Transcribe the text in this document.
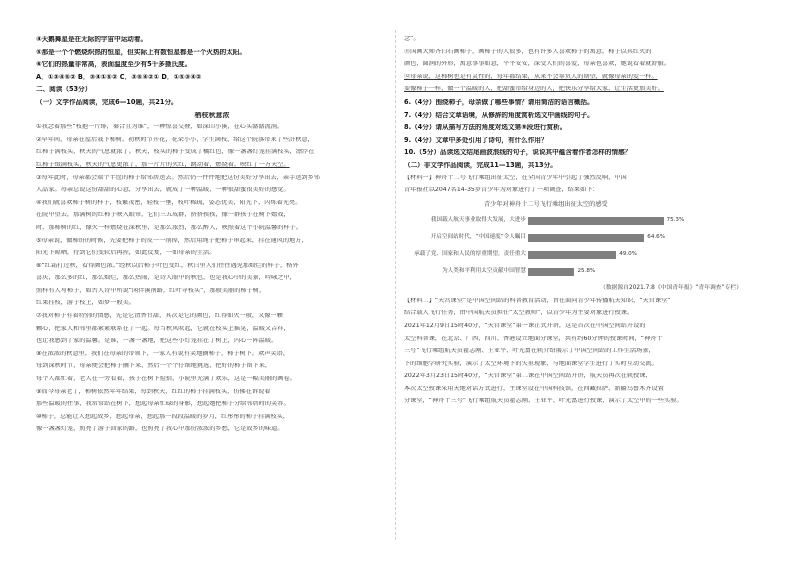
④天鹅舞星是在无际的宇宙中运动着。
⑤那是一个个燃烧炽热的恒星，但实际上有数恒星都是一个火热的太阳。
⑥它们的热量非常高，表面温度至少有5千多摄氏度。
A．①③④⑤② B．③④①⑤② C．③⑤④②① D．①⑤③④②
二、阅读（53分）
（一）文学作品阅读，完成6—10题，共21分。
栖枝秋意浓
①我念着那些“枝抱一片绯，秦合且为谁”，一种惊喜交叠，如深山小溪，在心头潺潺流淌。
②早年间，母亲在屋后栽下柿树。初秋时节开花，花朵小小，学生满枝，给这个院落带来了些許秋意，
红柿子满枝头，秋天的气息就浓了。秋天，枝头的柿子变成了橘红色，像一盏盏灯笼挂满枝头，漂浮在
红柿子缀满枝头，秋天的气息更浓了，那一片片的火红，跳动着，燃烧着，映红了一方天空。
③每年此时，母亲都会端个半筐的柿子给邻居送去。然后仍一件件地把这份美好分享出去，亲手送到乡邻
人品家。母亲总说这份甜甜的心意，分享出去，就成了一种温暖，一种很甜蜜很美好的感觉。
④我们就喜欢柿子树的样子，枝繁茂密，轻枝一垂，枝叶稀疏，姿态优美，阳光下，闪烁着光亮。
在院中望去，那满树的红柿子映入眼帘，它们三五成群，挤挤挨挨，像一群孩子在树下嬉戏，
时，那柿树的红，像火一样燃烧在深秋里，是那么浓烈，那么醉人，映照着这个小院温馨的样子。
⑤母亲说，做柿饼的时候，先要把柿子的皮一一削掉，然后用绳子把柿子串起来，挂在通风的地方，
阳光下晾晒，待到它们变软后再捏，如此反复，一如母亲的生活。
⑥“红霜打过秋，看得颜色浓。”经秋以后柿子叶色变红，秋日里人们往往遇见那灿烂的样子，格外
喜庆，那么多的红，那么灿烂，那么热闹，是诗人眼中的秋色，也是我心中的美景，吟咏之中，
照样有人写柿子，如古人诗中所说“闲伴溪南路，红叶寻枝头”，那般美丽的柿子树，
红果挂枝，游于枝上，如梦一般美。
⑦我对柿子有着特别的情感，先是它清香甘甜，其次是它的颜色，红得如火一般，又像一颗
颗心，把家人和邻里都紧紧联系在了一起。每当秋风吹起，它就在枝头上摇晃，温暖又吉祥，
也让我感到了家的温馨。是谁，一盏一盏地，把这些小灯笼挂在了树上，内心一阵温暖。
⑧在浓浓的秋意里，我们在母亲的带领下，一家人有说有笑地摘柿子，柿子树下，欢声笑语，
每到深秋时节，母亲便会把柿子摘下来，然后一个个仔细地挑选，把好的柿子留下来，
每个人都忙着，老人在一旁看着，孩子在树下捡拾，小院里充满了欢乐，这是一幅美丽的画卷。
⑨而今母亲老了，柿树依然年年结果，每到秋天，红红的柿子挂满枝头，仿佛在诉说着
那些温暖的往事，我常常站在树下，想起母亲忙碌的身影，想起她把柿子分给邻居时的笑容。
⑩柿子，总能让人想起故乡，想起母亲，想起那一段段温暖的岁月，红彤彤的柿子挂满枝头，
像一盏盏灯笼，照亮了游子回家的路，也照亮了我心中那份浓浓的乡愁，它是故乡的味道。
念”。
⑪国画大师齐白石画柿子，画柿子的人很多，也有许多人喜欢柿子的寓意，柿子以其红火的
颜色，圆润的外形，寓意事事如意，平平安安，深受人们的喜爱，母亲也喜欢，她说看着就舒服。
⑫母亲说，这柿树也是有灵性的，每年都结果，从来不会辜负人的期望，就像母亲的爱一样。
要像柿子一样，做一个温暖的人，把甜蜜带给身边的人，把快乐分享给大家，让生活更加美好。
6.（4分）围绕柿子，母亲做了哪些事情？请用简洁的语言概括。
7.（4分）结合文章语境，从修辞的角度赏析选文中画线的句子。
8.（4分）请从描写方法的角度对选文第⑨段进行赏析。
9.（4分）文章中多处引用了诗句，有什么作用？
10.（5分）品读选文结尾画波浪线的句子，说说其中蕴含着作者怎样的情感？
（二）非文学作品阅读，完成11—13题，共13分。
【材料一】神舟十二号飞行乘组出征太空，在全国青少年中引起了强烈反响，中国
青年报社以2047名14-35岁青少年为对象进行了一项调查，结果如下：
青少年对神舟十二号飞行乘组出征太空的感受
（数据源自2021.7.8《中国青年报》“青年调查”专栏）
我国载人航天事业取得大发展，大进步	75.3%
开启空间站时代，“中国速度”令人瞩目	64.6%
承载了党、国家和人民的厚重期望，责任重大	49.0%
为人类和平利用太空贡献中国智慧	25.8%
【材料二】“天宫课堂”是中国空间站的科普教育活动，旨在面向青少年传播航天知识，“天宫课堂”
结合载人飞行任务，由中国航天员担任“太空教师”，以青少年为主要对象进行授课。
2021年12月9日15时40分，“天宫课堂”第一课正式开讲，这是首次在中国空间站开设的
太空科普课，在北京、广西、四川、香港设立地面分课堂，共有约60分钟的授课时间，“神舟十
三号”飞行乘组航天员翟志刚、王亚平、叶光富在轨介绍展示了中国空间站的工作生活场景，
下的细胞学研究实验，演示了太空环境下的失重现象，与地面课堂学生进行了实时互动交流。
2022年3月23日15时40分，“天宫课堂”第二课在中国空间站开讲，航天员再次在轨授课，
本次太空授课采用天地对话方式进行，主课堂设在中国科技馆，在西藏拉萨、新疆乌鲁木齐设置
分课堂，“神舟十三号”飞行乘组航天员翟志刚、王亚平、叶光富进行授课，演示了太空中的一些实验。
